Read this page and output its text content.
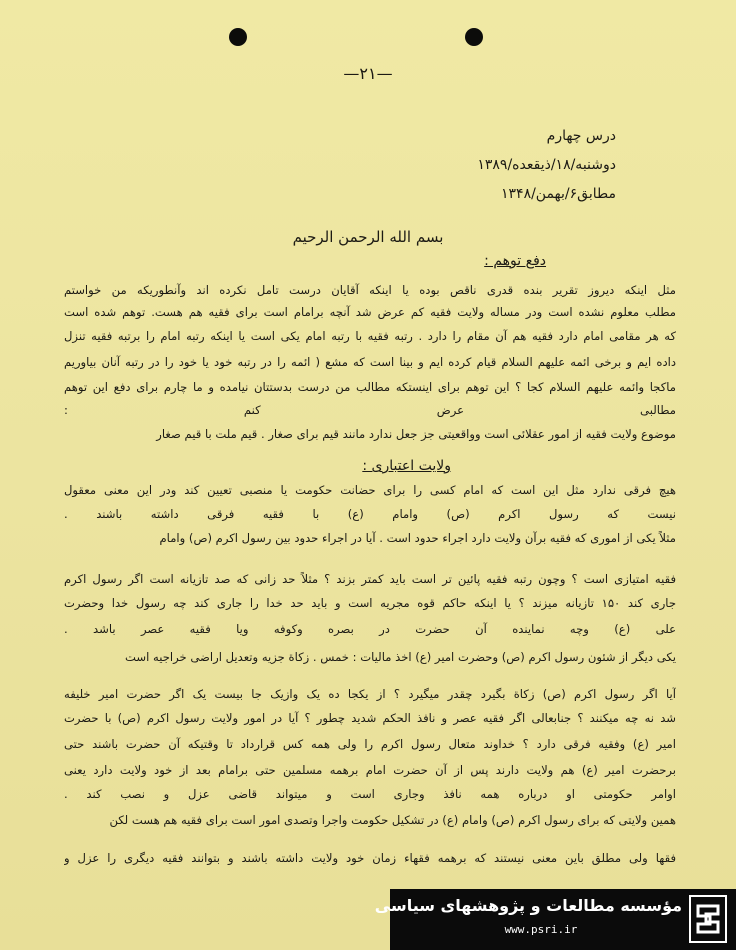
—۲۱—
درس چهارم
دوشنبه/۱۸/ذیقعده/۱۳۸۹
مطابق۶/بهمن/۱۳۴۸
بسم الله الرحمن الرحيم
دفع توهم :
مثل اینکه دیروز تقریر بنده قدری ناقص بوده یا اینکه آقایان درست تامل نکرده اند وآنطوریکه من خواستم
مطلب معلوم نشده است ودر مساله ولایت فقیه کم عرض شد آنچه برامام است برای فقیه هم هست. توهم شده است
که هر مقامی امام دارد فقیه هم آن مقام را دارد . رتبه فقیه با رتبه امام یکی است یا اینکه رتبه امام را برتبه فقیه تنزل
داده ایم و برخی ائمه علیهم السلام قیام کرده ایم و بینا است که مشع ( ائمه را در رتبه خود یا خود را در رتبه آنان بیاوریم
ماکجا وائمه علیهم السلام کجا ؟ این توهم برای اینستکه مطالب من درست بدستتان نیامده و ما چارم برای دفع این توهم
مطالبی عرض کنم :
موضوع ولایت فقیه از امور عقلائی است وواقعیتی جز جعل ندارد مانند قیم برای صغار . قیم ملت با قیم صغار
ولايت اعتبارى :
هیچ فرقی ندارد مثل این است که امام کسی را برای حضانت حکومت یا منصبی تعیین کند ودر این معنی معقول
نیست که رسول اکرم (ص) وامام (ع) با فقیه فرقی داشته باشند .
مثلاً یکی از اموری که فقیه برآن ولایت دارد اجراء حدود است . آیا در اجراء حدود بین رسول اکرم (ص) وامام
فقیه امتیازی است ؟ وچون رتبه فقیه پائین تر است باید کمتر بزند ؟ مثلاً حد زانی که صد تازیانه است اگر رسول اکرم
جاری کند ۱۵۰ تازیانه میزند ؟ یا اینکه حاکم قوه مجریه است و باید حد خدا را جاری کند چه رسول خدا وحضرت
علی (ع) وچه نماینده آن حضرت در بصره وکوفه ویا فقیه عصر باشد .
یکی دیگر از شئون رسول اکرم (ص) وحضرت امیر (ع) اخذ مالیات : خمس . زکاة جزیه وتعدیل اراضی خراجیه است
آیا اگر رسول اکرم (ص) زکاة بگیرد چقدر میگیرد ؟ از یکجا ده یک وازیک جا بیست یک اگر حضرت امیر خلیفه
شد نه چه میکنند ؟ جنابعالی اگر فقیه عصر و نافذ الحکم شدید چطور ؟ آیا در امور ولایت رسول اکرم (ص) با حضرت
امیر (ع) وفقیه فرقی دارد ؟ خداوند متعال رسول اکرم را ولی همه کس قرارداد تا وقتیکه آن حضرت باشند حتی
برحضرت امیر (ع) هم ولایت دارند پس از آن حضرت امام برهمه مسلمین حتی برامام بعد از خود ولایت دارد یعنی
اوامر حکومتی او درباره همه نافذ وجاری است و میتواند قاضی عزل و نصب کند .
همین ولایتی که برای رسول اکرم (ص) وامام (ع) در تشکیل حکومت واجرا وتصدی امور است برای فقیه هم هست لکن
فقها ولی مطلق باین معنی نیستند که برهمه فقهاء زمان خود ولایت داشته باشند و بتوانند فقیه دیگری را عزل و
مؤسسه مطالعات و پژوهشهای سیاسی
www.psri.ir
